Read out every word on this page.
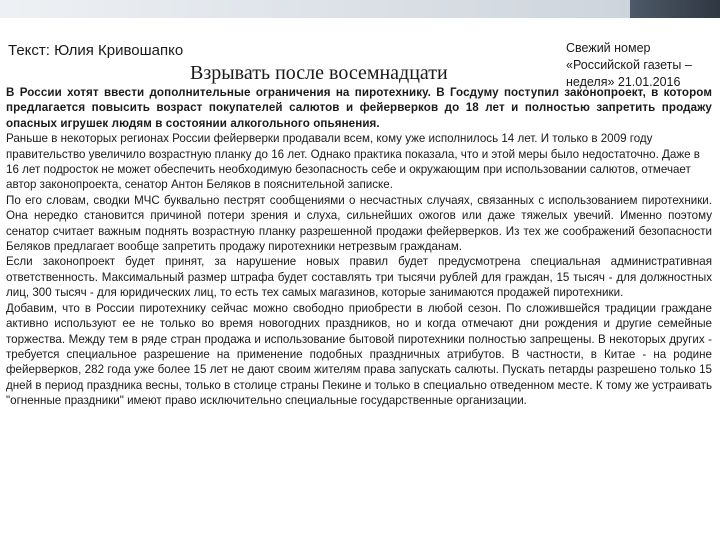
Текст: Юлия Кривошапко
Взрывать после восемнадцати
Свежий номер «Российской газеты – неделя» 21.01.2016

В России хотят ввести дополнительные ограничения на пиротехнику. В Госдуму поступил законопроект, в котором предлагается повысить возраст покупателей салютов и фейерверков до 18 лет и полностью запретить продажу опасных игрушек людям в состоянии алкогольного опьянения.

Раньше в некоторых регионах России фейерверки продавали всем, кому уже исполнилось 14 лет. И только в 2009 году правительство увеличило возрастную планку до 16 лет. Однако практика показала, что и этой меры было недостаточно. Даже в 16 лет подросток не может обеспечить необходимую безопасность себе и окружающим при использовании салютов, отмечает автор законопроекта, сенатор Антон Беляков в пояснительной записке.

По его словам, сводки МЧС буквально пестрят сообщениями о несчастных случаях, связанных с использованием пиротехники. Она нередко становится причиной потери зрения и слуха, сильнейших ожогов или даже тяжелых увечий. Именно поэтому сенатор считает важным поднять возрастную планку разрешенной продажи фейерверков. Из тех же соображений безопасности Беляков предлагает вообще запретить продажу пиротехники нетрезвым гражданам.

Если законопроект будет принят, за нарушение новых правил будет предусмотрена специальная административная ответственность. Максимальный размер штрафа будет составлять три тысячи рублей для граждан, 15 тысяч - для должностных лиц, 300 тысяч - для юридических лиц, то есть тех самых магазинов, которые занимаются продажей пиротехники.

Добавим, что в России пиротехнику сейчас можно свободно приобрести в любой сезон. По сложившейся традиции граждане активно используют ее не только во время новогодних праздников, но и когда отмечают дни рождения и другие семейные торжества. Между тем в ряде стран продажа и использование бытовой пиротехники полностью запрещены. В некоторых других - требуется специальное разрешение на применение подобных праздничных атрибутов. В частности, в Китае - на родине фейерверков, 282 года уже более 15 лет не дают своим жителям права запускать салюты. Пускать петарды разрешено только 15 дней в период праздника весны, только в столице страны Пекине и только в специально отведенном месте. К тому же устраивать "огненные праздники" имеют право исключительно специальные государственные организации.
